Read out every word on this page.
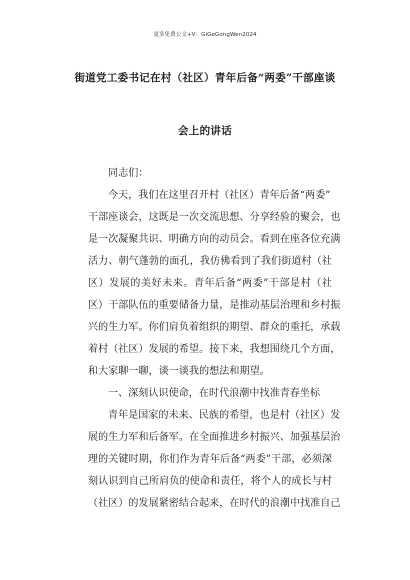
更多免费公文+V：GiGeGongWen2024
街道党工委书记在村（社区）青年后备“两委”干部座谈
会上的讲话

同志们：

今天，我们在这里召开村（社区）青年后备“两委”

干部座谈会，这既是一次交流思想、分享经验的聚会，也

是一次凝聚共识、明确方向的动员会。看到在座各位充满

活力、朝气蓬勃的面孔，我仿佛看到了我们街道村（社

区）发展的美好未来。青年后备“两委”干部是村（社

区）干部队伍的重要储备力量，是推动基层治理和乡村振

兴的生力军。你们肩负着组织的期望、群众的重托，承载

着村（社区）发展的希望。接下来，我想围绕几个方面，

和大家聊一聊，谈一谈我的想法和期望。

一、深刻认识使命，在时代浪潮中找准青春坐标

青年是国家的未来、民族的希望，也是村（社区）发

展的生力军和后备军。在全面推进乡村振兴、加强基层治

理的关键时期，你们作为青年后备“两委”干部，必须深

刻认识到自己所肩负的使命和责任，将个人的成长与村

（社区）的发展紧密结合起来，在时代的浪潮中找准自己
